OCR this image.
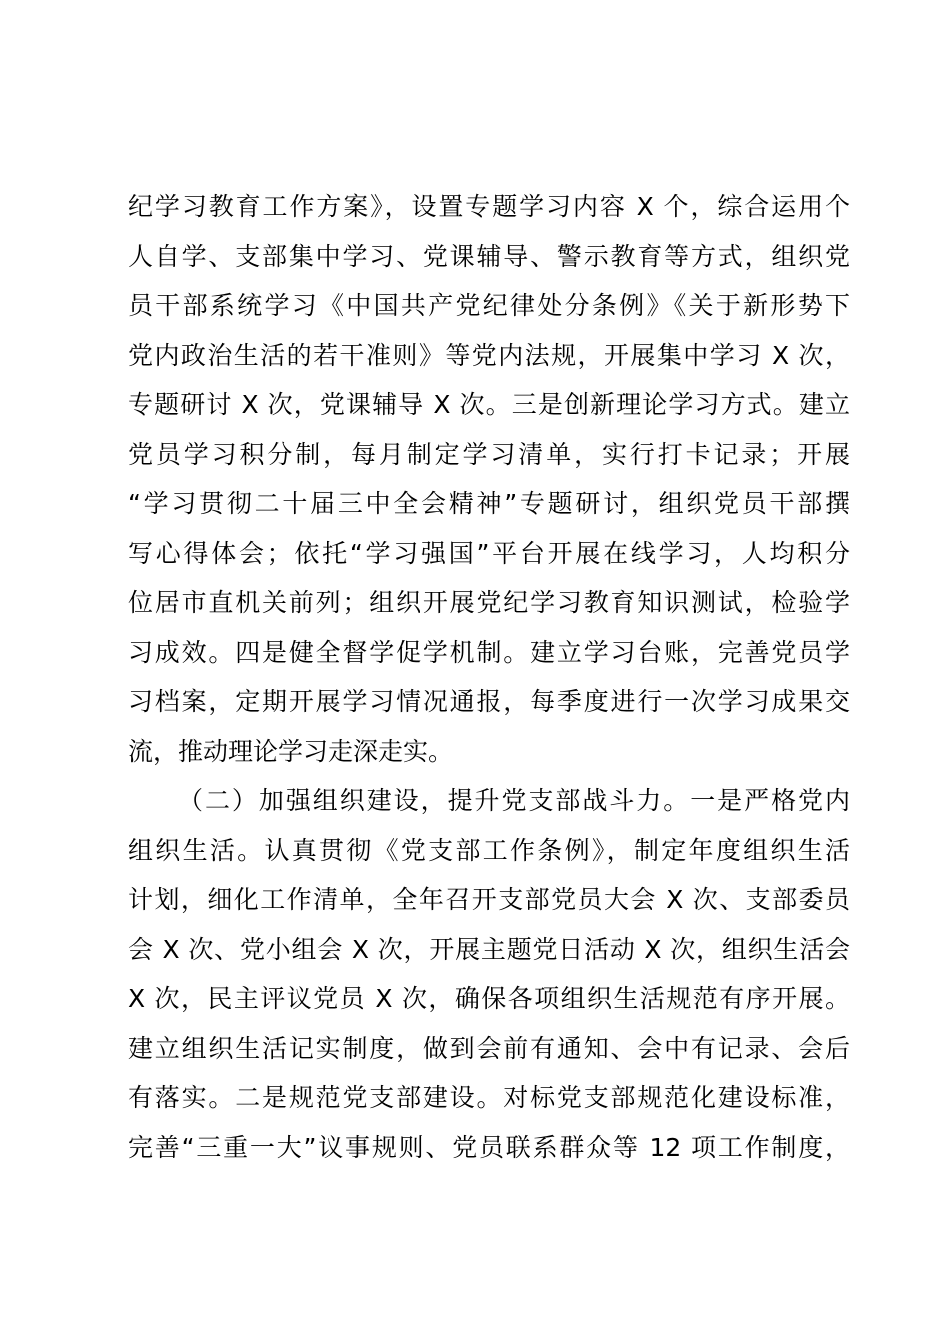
纪学习教育工作方案》，设置专题学习内容 X 个，综合运用个
人自学、支部集中学习、党课辅导、警示教育等方式，组织党
员干部系统学习《中国共产党纪律处分条例》《关于新形势下
党内政治生活的若干准则》等党内法规，开展集中学习 X 次，
专题研讨 X 次，党课辅导 X 次。三是创新理论学习方式。建立
党员学习积分制，每月制定学习清单，实行打卡记录；开展
“学习贯彻二十届三中全会精神”专题研讨，组织党员干部撰
写心得体会；依托“学习强国”平台开展在线学习，人均积分
位居市直机关前列；组织开展党纪学习教育知识测试，检验学
习成效。四是健全督学促学机制。建立学习台账，完善党员学
习档案，定期开展学习情况通报，每季度进行一次学习成果交
流，推动理论学习走深走实。
（二）加强组织建设，提升党支部战斗力。一是严格党内
组织生活。认真贯彻《党支部工作条例》，制定年度组织生活
计划，细化工作清单，全年召开支部党员大会 X 次、支部委员
会 X 次、党小组会 X 次，开展主题党日活动 X 次，组织生活会
X 次，民主评议党员 X 次，确保各项组织生活规范有序开展。
建立组织生活记实制度，做到会前有通知、会中有记录、会后
有落实。二是规范党支部建设。对标党支部规范化建设标准，
完善“三重一大”议事规则、党员联系群众等 12 项工作制度，
